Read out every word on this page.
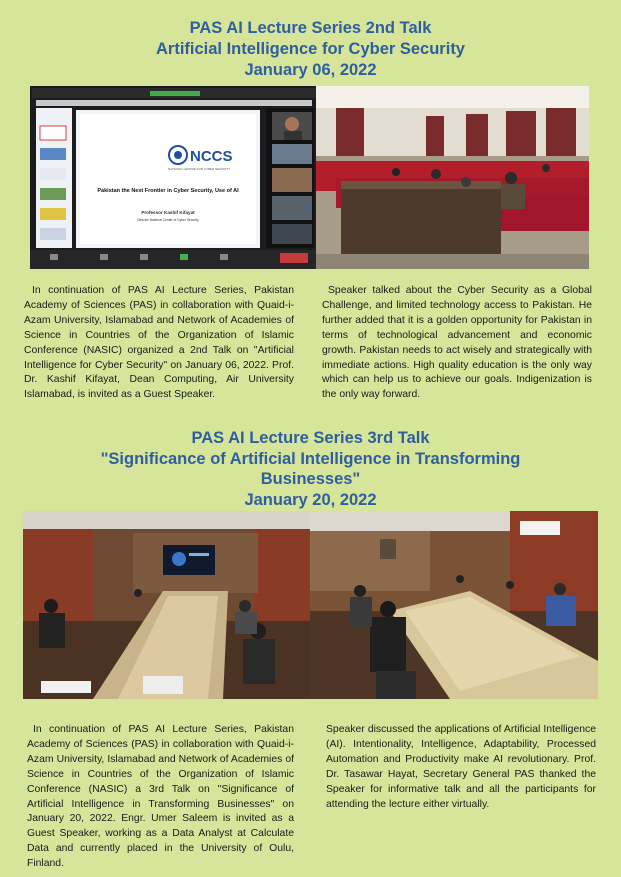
PAS AI Lecture Series 2nd Talk
Artificial Intelligence for Cyber Security
January 06, 2022
NCCS
NATIONAL CENTRE FOR CYBER SECURITY
Pakistan the Next Frontier in Cyber Security, Use of AI
Professor Kashif Kifayat
Director National Center of Cyber Security
In continuation of PAS AI Lecture Series, Pakistan Academy of Sciences (PAS) in collaboration with Quaid-i-Azam University, Islamabad and Network of Academies of Science in Countries of the Organization of Islamic Conference (NASIC) organized a 2nd Talk on "Artificial Intelligence for Cyber Security" on January 06, 2022. Prof. Dr. Kashif Kifayat, Dean Computing, Air University Islamabad, is invited as a Guest Speaker.
Speaker talked about the Cyber Security as a Global Challenge, and limited technology access to Pakistan. He further added that it is a golden opportunity for Pakistan in terms of technological advancement and economic growth. Pakistan needs to act wisely and strategically with immediate actions. High quality education is the only way which can help us to achieve our goals. Indigenization is the only way forward.
PAS AI Lecture Series 3rd Talk
"Significance of Artificial Intelligence in Transforming
Businesses"
January 20, 2022
In continuation of PAS AI Lecture Series, Pakistan Academy of Sciences (PAS) in collaboration with Quaid-i-Azam University, Islamabad and Network of Academies of Science in Countries of the Organization of Islamic Conference (NASIC) a 3rd Talk on "Significance of Artificial Intelligence in Transforming Businesses" on January 20, 2022. Engr. Umer Saleem is invited as a Guest Speaker, working as a Data Analyst at Calculate Data and currently placed in the University of Oulu, Finland.
Speaker discussed the applications of Artificial Intelligence (AI). Intentionality, Intelligence, Adaptability, Processed Automation and Productivity make AI revolutionary. Prof. Dr. Tasawar Hayat, Secretary General PAS thanked the Speaker for informative talk and all the participants for attending the lecture either virtually.
